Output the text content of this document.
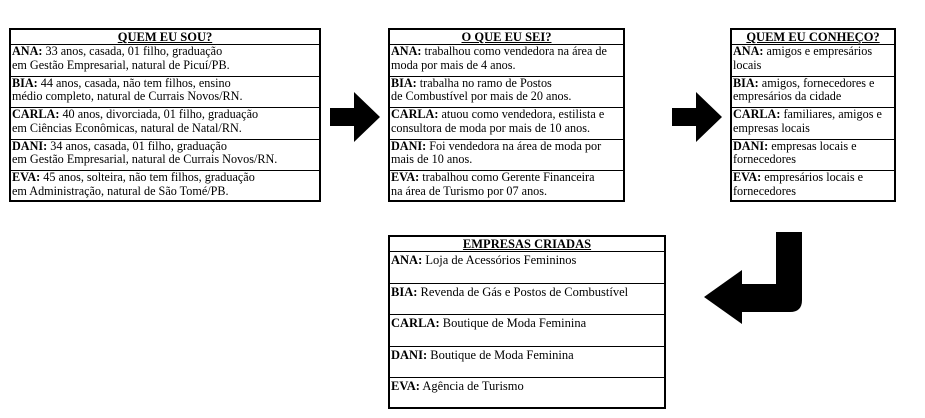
QUEM EU SOU?
ANA: 33 anos, casada, 01 filho, graduação
em Gestão Empresarial, natural de Picuí/PB.
BIA: 44 anos, casada, não tem filhos, ensino
médio completo, natural de Currais Novos/RN.
CARLA: 40 anos, divorciada, 01 filho, graduação
em Ciências Econômicas, natural de Natal/RN.
DANI: 34 anos, casada, 01 filho, graduação
em Gestão Empresarial, natural de Currais Novos/RN.
EVA: 45 anos, solteira, não tem filhos, graduação
em Administração, natural de São Tomé/PB.
O QUE EU SEI?
ANA: trabalhou como vendedora na área de
moda por mais de 4 anos.
BIA: trabalha no ramo de Postos
de Combustível por mais de 20 anos.
CARLA: atuou como vendedora, estilista e
consultora de moda por mais de 10 anos.
DANI: Foi vendedora na área de moda por
mais de 10 anos.
EVA: trabalhou como Gerente Financeira
na área de Turismo por 07 anos.
QUEM EU CONHEÇO?
ANA: amigos e empresários
locais
BIA: amigos, fornecedores e
empresários da cidade
CARLA: familiares, amigos e
empresas locais
DANI: empresas locais e
fornecedores
EVA: empresários locais e
fornecedores
EMPRESAS CRIADAS
ANA: Loja de Acessórios Femininos
BIA: Revenda de Gás e Postos de Combustível
CARLA: Boutique de Moda Feminina
DANI: Boutique de Moda Feminina
EVA: Agência de Turismo
